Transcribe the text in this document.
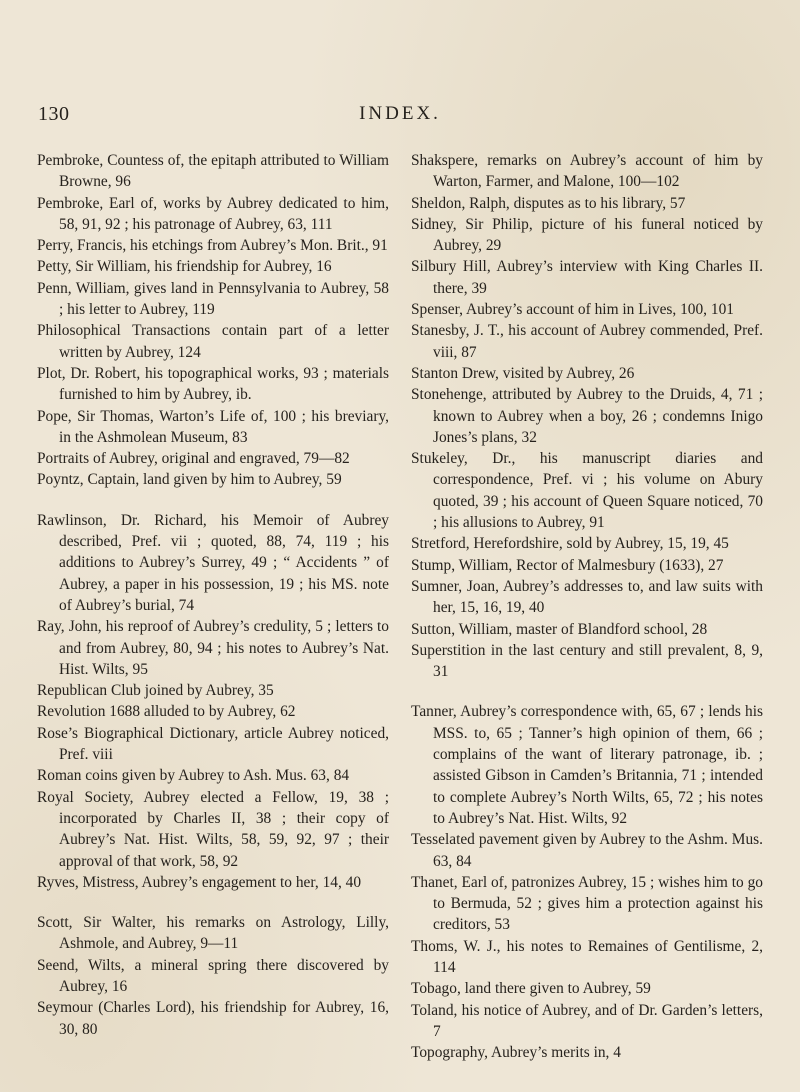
130	INDEX.

Pembroke, Countess of, the epitaph attributed to William Browne, 96

Pembroke, Earl of, works by Aubrey dedicated to him, 58, 91, 92 ; his patronage of Aubrey, 63, 111

Perry, Francis, his etchings from Aubrey’s Mon. Brit., 91

Petty, Sir William, his friendship for Aubrey, 16

Penn, William, gives land in Pennsylvania to Aubrey, 58 ; his letter to Aubrey, 119

Philosophical Transactions contain part of a letter written by Aubrey, 124

Plot, Dr. Robert, his topographical works, 93 ; materials furnished to him by Aubrey, ib.

Pope, Sir Thomas, Warton’s Life of, 100 ; his breviary, in the Ashmolean Museum, 83

Portraits of Aubrey, original and engraved, 79—82

Poyntz, Captain, land given by him to Aubrey, 59

Rawlinson, Dr. Richard, his Memoir of Aubrey described, Pref. vii ; quoted, 88, 74, 119 ; his additions to Aubrey’s Surrey, 49 ; “ Accidents ” of Aubrey, a paper in his possession, 19 ; his MS. note of Aubrey’s burial, 74

Ray, John, his reproof of Aubrey’s credulity, 5 ; letters to and from Aubrey, 80, 94 ; his notes to Aubrey’s Nat. Hist. Wilts, 95

Republican Club joined by Aubrey, 35

Revolution 1688 alluded to by Aubrey, 62

Rose’s Biographical Dictionary, article Aubrey noticed, Pref. viii

Roman coins given by Aubrey to Ash. Mus. 63, 84

Royal Society, Aubrey elected a Fellow, 19, 38 ; incorporated by Charles II, 38 ; their copy of Aubrey’s Nat. Hist. Wilts, 58, 59, 92, 97 ; their approval of that work, 58, 92

Ryves, Mistress, Aubrey’s engagement to her, 14, 40

Scott, Sir Walter, his remarks on Astrology, Lilly, Ashmole, and Aubrey, 9—11

Seend, Wilts, a mineral spring there discovered by Aubrey, 16

Seymour (Charles Lord), his friendship for Aubrey, 16, 30, 80

Shakspere, remarks on Aubrey’s account of him by Warton, Farmer, and Malone, 100—102

Sheldon, Ralph, disputes as to his library, 57

Sidney, Sir Philip, picture of his funeral noticed by Aubrey, 29

Silbury Hill, Aubrey’s interview with King Charles II. there, 39

Spenser, Aubrey’s account of him in Lives, 100, 101

Stanesby, J. T., his account of Aubrey commended, Pref. viii, 87

Stanton Drew, visited by Aubrey, 26

Stonehenge, attributed by Aubrey to the Druids, 4, 71 ; known to Aubrey when a boy, 26 ; condemns Inigo Jones’s plans, 32

Stukeley, Dr., his manuscript diaries and correspondence, Pref. vi ; his volume on Abury quoted, 39 ; his account of Queen Square noticed, 70 ; his allusions to Aubrey, 91

Stretford, Herefordshire, sold by Aubrey, 15, 19, 45

Stump, William, Rector of Malmesbury (1633), 27

Sumner, Joan, Aubrey’s addresses to, and law suits with her, 15, 16, 19, 40

Sutton, William, master of Blandford school, 28

Superstition in the last century and still prevalent, 8, 9, 31

Tanner, Aubrey’s correspondence with, 65, 67 ; lends his MSS. to, 65 ; Tanner’s high opinion of them, 66 ; complains of the want of literary patronage, ib. ; assisted Gibson in Camden’s Britannia, 71 ; intended to complete Aubrey’s North Wilts, 65, 72 ; his notes to Aubrey’s Nat. Hist. Wilts, 92

Tesselated pavement given by Aubrey to the Ashm. Mus. 63, 84

Thanet, Earl of, patronizes Aubrey, 15 ; wishes him to go to Bermuda, 52 ; gives him a protection against his creditors, 53

Thoms, W. J., his notes to Remaines of Gentilisme, 2, 114

Tobago, land there given to Aubrey, 59

Toland, his notice of Aubrey, and of Dr. Garden’s letters, 7

Topography, Aubrey’s merits in, 4
